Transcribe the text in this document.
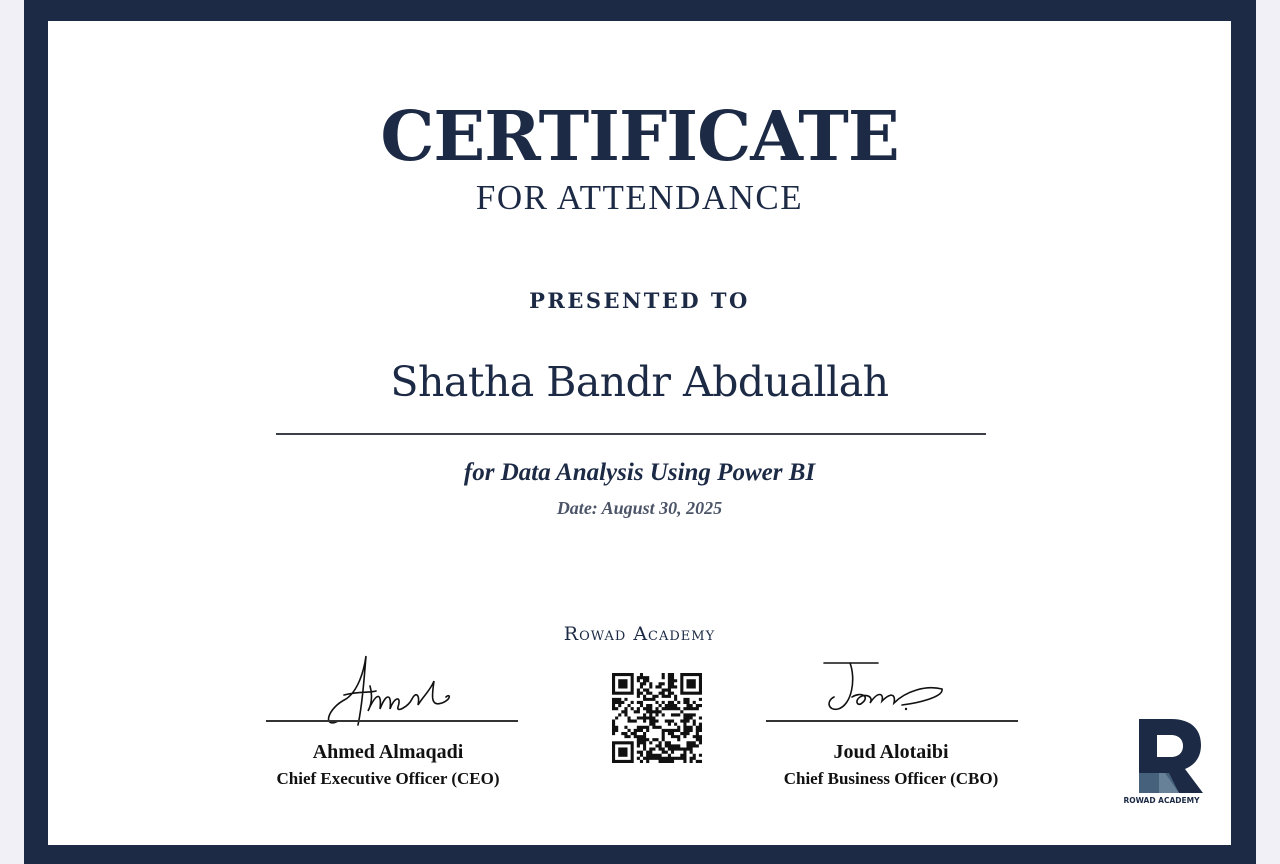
CERTIFICATE
FOR ATTENDANCE
PRESENTED TO
Shatha Bandr Abduallah
for Data Analysis Using Power BI
Date: August 30, 2025
Rowad Academy
Ahmed Almaqadi
Chief Executive Officer (CEO)
Joud Alotaibi
Chief Business Officer (CBO)
ROWAD ACADEMY
